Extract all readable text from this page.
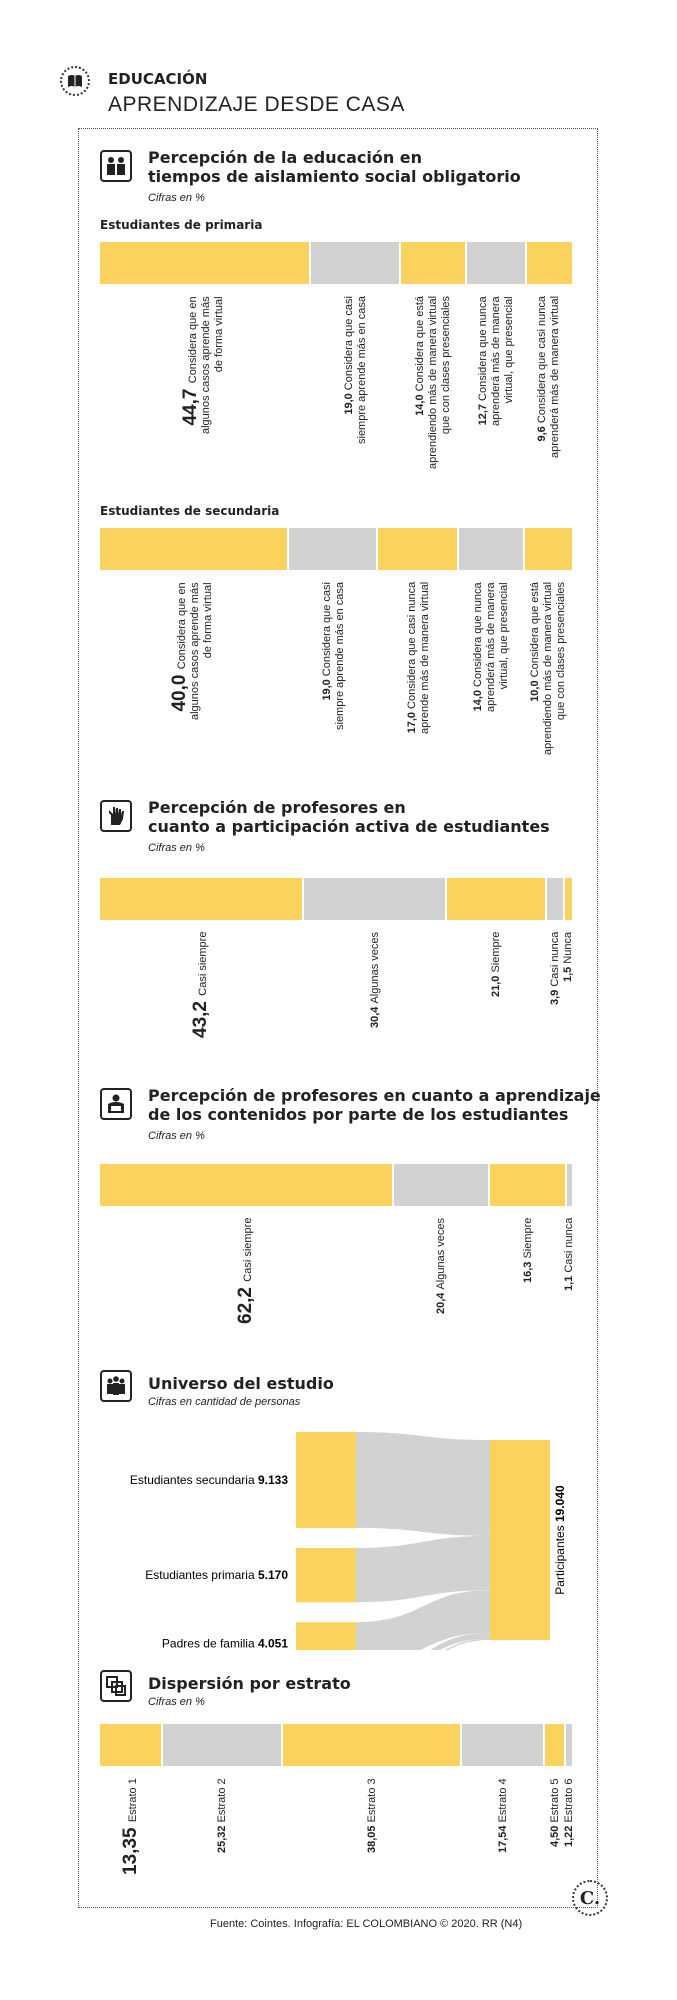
EDUCACIÓN
APRENDIZAJE DESDE CASA
Percepción de la educación en
tiempos de aislamiento social obligatorio
Cifras en %
Estudiantes de primaria
Estudiantes de secundaria
Percepción de profesores en
cuanto a participación activa de estudiantes
Cifras en %
Percepción de profesores en cuanto a aprendizaje
de los contenidos por parte de los estudiantes
Cifras en %
Universo del estudio
Cifras en cantidad de personas
Estudiantes secundaria 9.133
Estudiantes primaria 5.170
Padres de familia 4.051
Participantes 19.040
Dispersión por estrato
Cifras en %
C.
Fuente: Cointes. Infografía: EL COLOMBIANO © 2020. RR (N4)
44,7 Considera que en
algunos casos aprende más
de forma virtual
19,0 Considera que casi
siempre aprende más en casa	14,0 Considera que está
aprendiendo más de manera virtual
que con clases presenciales 12,7 Considera que nunca
aprenderá más de manera
virtual, que presencial
9,6 Considera que casi nunca
aprenderá más de manera virtual
40,0 Considera que en
algunos casos aprende más
de forma virtual
19,0 Considera que casi
siempre aprende más en casa	17,0 Considera que casi nunca
aprende más de manera virtual	14,0 Considera que nunca
aprenderá más de manera
virtual, que presencial
10,0 Considera que está
aprendiendo más de manera virtual
que con clases presenciales
43,2 Casi siempre
30,4 Algunas veces	21,0 Siempre
3,9 Casi nunca 1,5 Nunca
62,2 Casi siempre
20,4 Algunas veces	16,3 Siempre
1,1 Casi nunca
13,35 Estrato 1
25,32 Estrato 2
38,05 Estrato 3
17,54 Estrato 4
4,50 Estrato 5
1,22 Estrato 6
